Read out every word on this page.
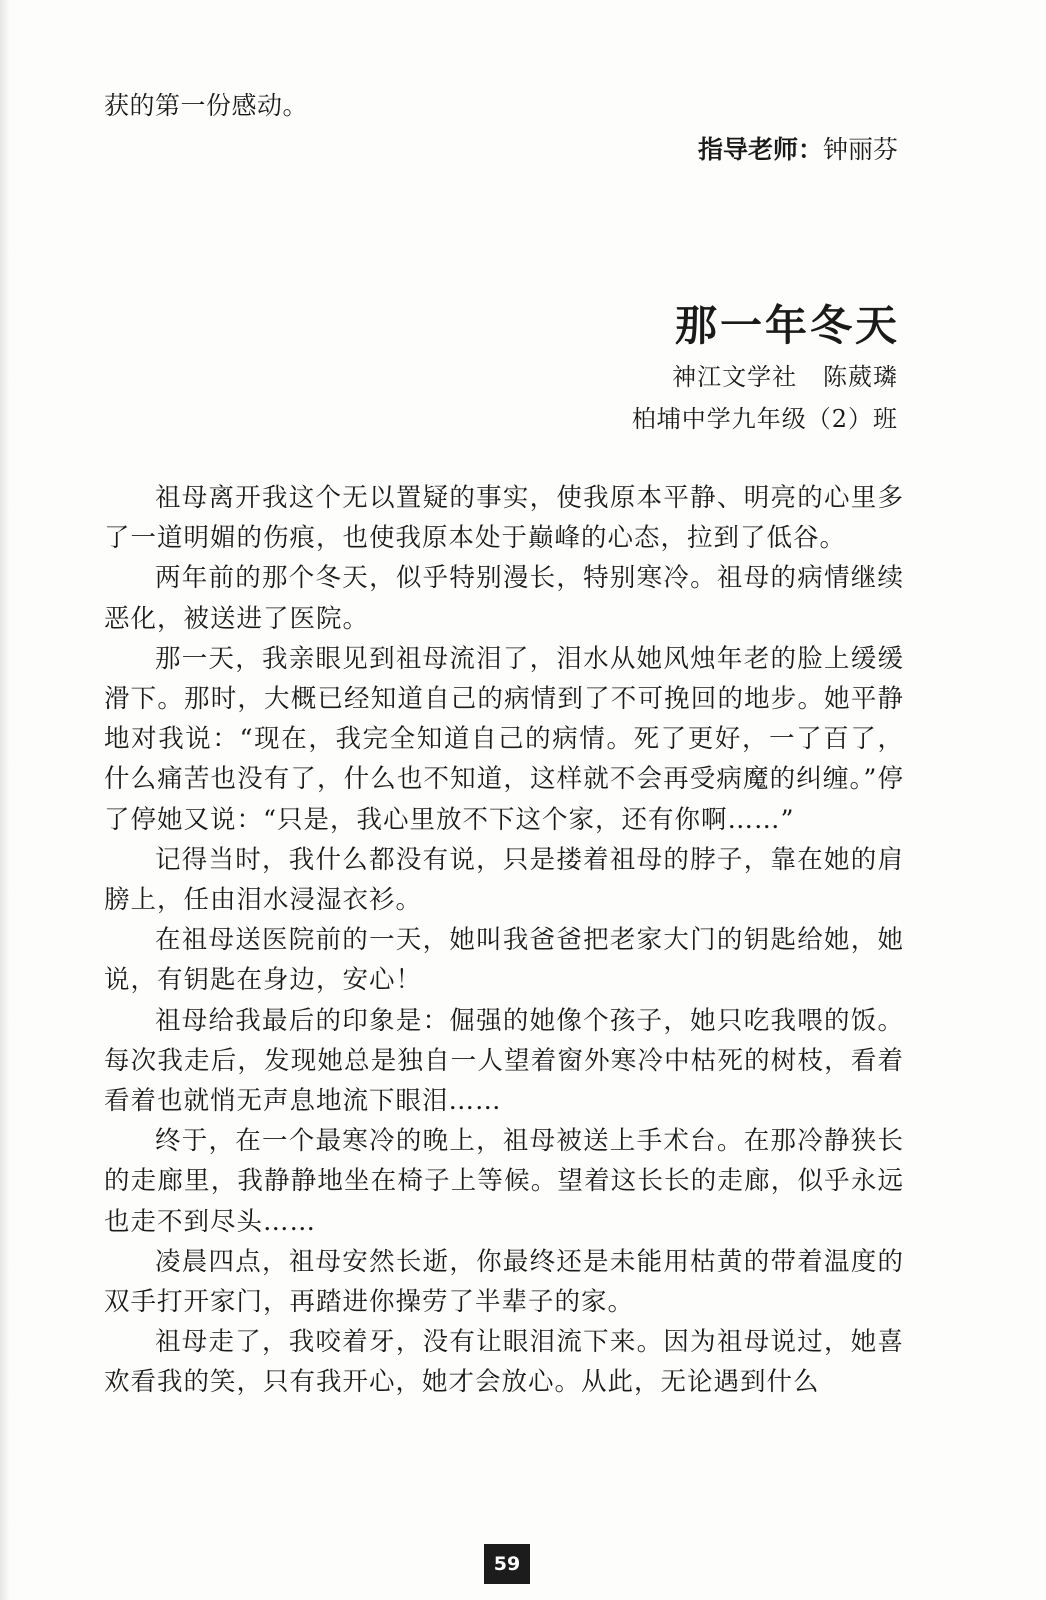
获的第一份感动。
指导老师：钟丽芬
那一年冬天
神江文学社 陈葳璘
柏埔中学九年级（2）班

祖母离开我这个无以置疑的事实，使我原本平静、明亮的心里多了一道明媚的伤痕，也使我原本处于巅峰的心态，拉到了低谷。

两年前的那个冬天，似乎特别漫长，特别寒冷。祖母的病情继续恶化，被送进了医院。

那一天，我亲眼见到祖母流泪了，泪水从她风烛年老的脸上缓缓滑下。那时，大概已经知道自己的病情到了不可挽回的地步。她平静地对我说：“现在，我完全知道自己的病情。死了更好，一了百了，什么痛苦也没有了，什么也不知道，这样就不会再受病魔的纠缠。”停了停她又说：“只是，我心里放不下这个家，还有你啊……”

记得当时，我什么都没有说，只是搂着祖母的脖子，靠在她的肩膀上，任由泪水浸湿衣衫。

在祖母送医院前的一天，她叫我爸爸把老家大门的钥匙给她，她说，有钥匙在身边，安心！

祖母给我最后的印象是：倔强的她像个孩子，她只吃我喂的饭。每次我走后，发现她总是独自一人望着窗外寒冷中枯死的树枝，看着看着也就悄无声息地流下眼泪……

终于，在一个最寒冷的晚上，祖母被送上手术台。在那冷静狭长的走廊里，我静静地坐在椅子上等候。望着这长长的走廊，似乎永远也走不到尽头……

凌晨四点，祖母安然长逝，你最终还是未能用枯黄的带着温度的双手打开家门，再踏进你操劳了半辈子的家。

祖母走了，我咬着牙，没有让眼泪流下来。因为祖母说过，她喜欢看我的笑，只有我开心，她才会放心。从此，无论遇到什么

59
